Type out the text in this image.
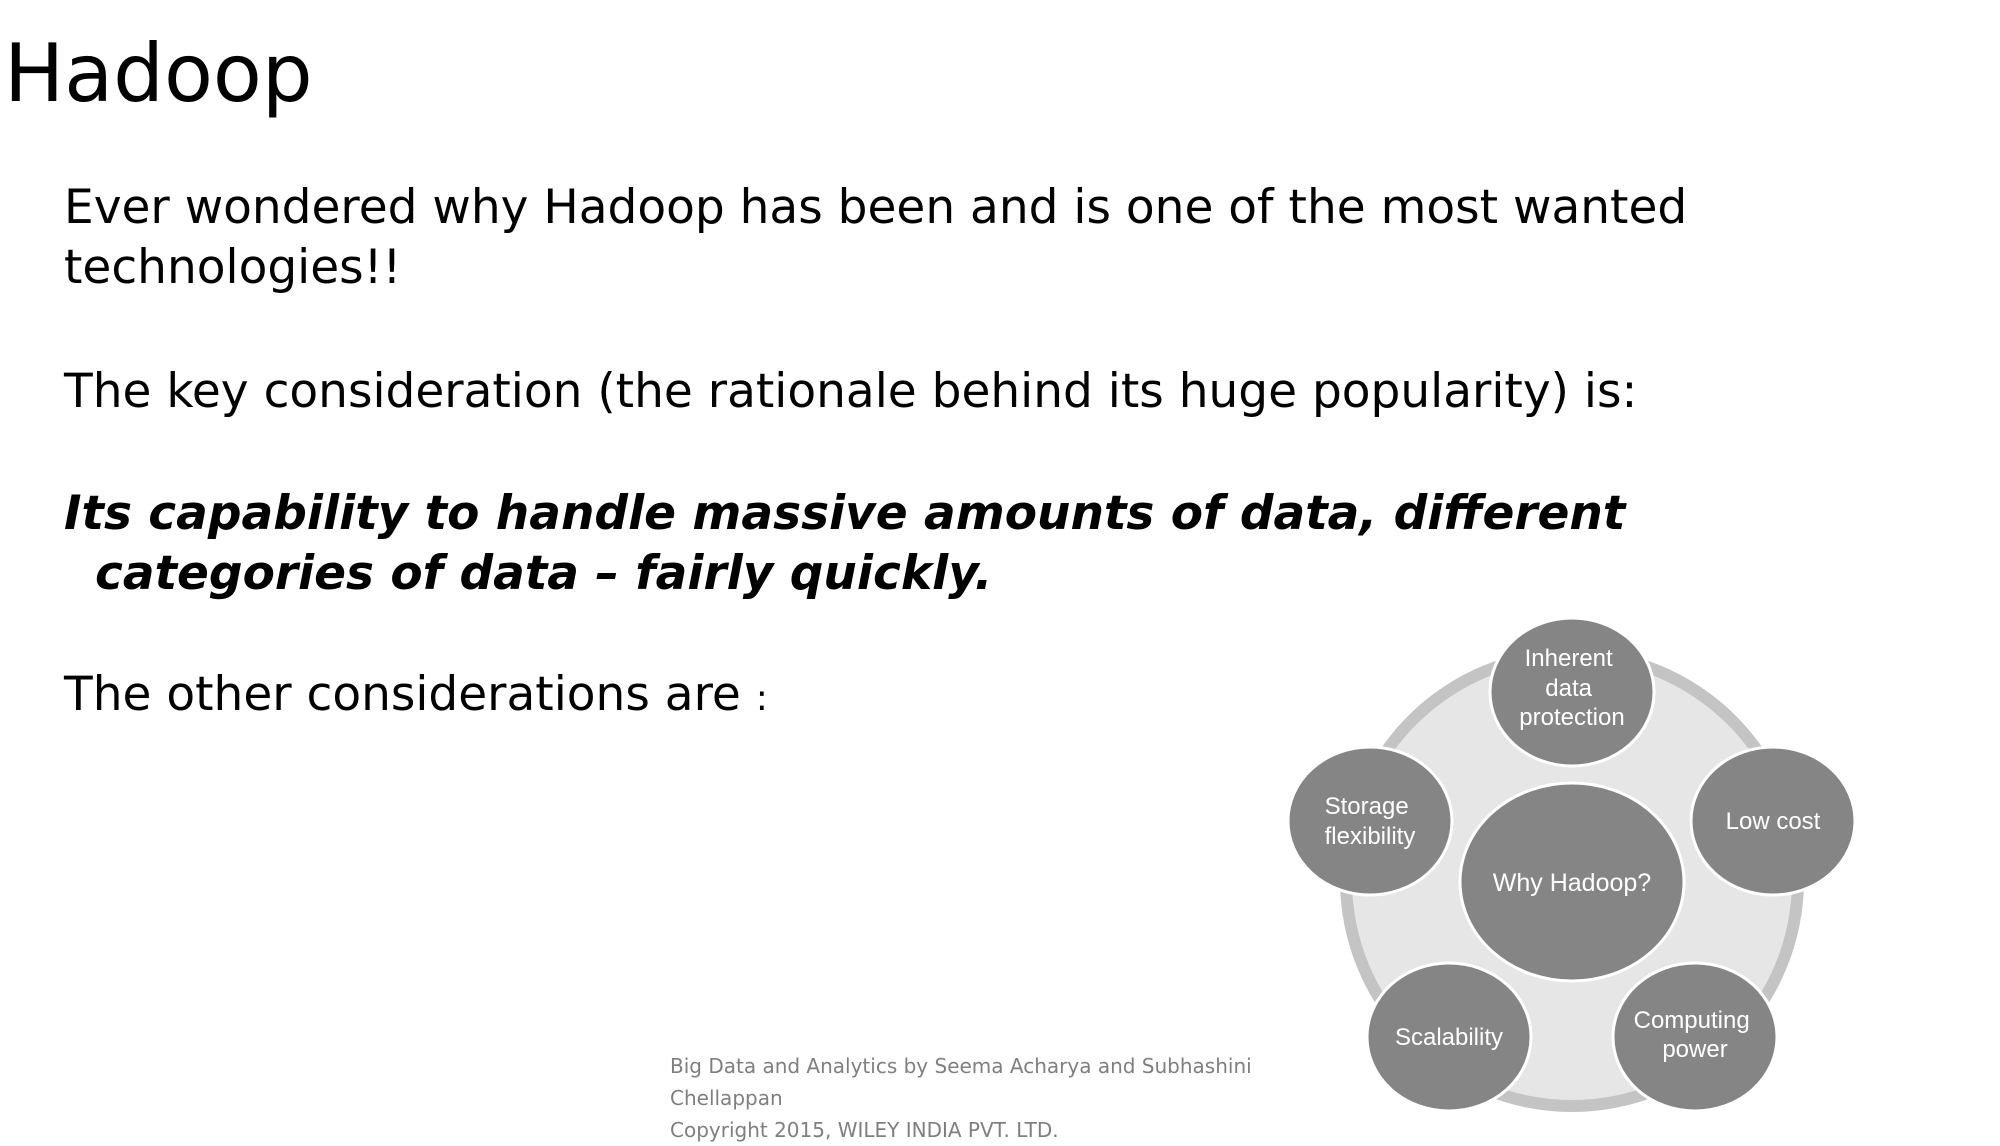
Hadoop

Ever wondered why Hadoop has been and is one of the most wanted
technologies!!

The key consideration (the rationale behind its huge popularity) is:

Its capability to handle massive amounts of data, different
categories of data – fairly quickly.

The other considerations are :

Why Hadoop?
Inherent data protection
Low cost
Computing power
Scalability
Storage flexibility
Big Data and Analytics by Seema Acharya and Subhashini
Chellappan
Copyright 2015, WILEY INDIA PVT. LTD.
